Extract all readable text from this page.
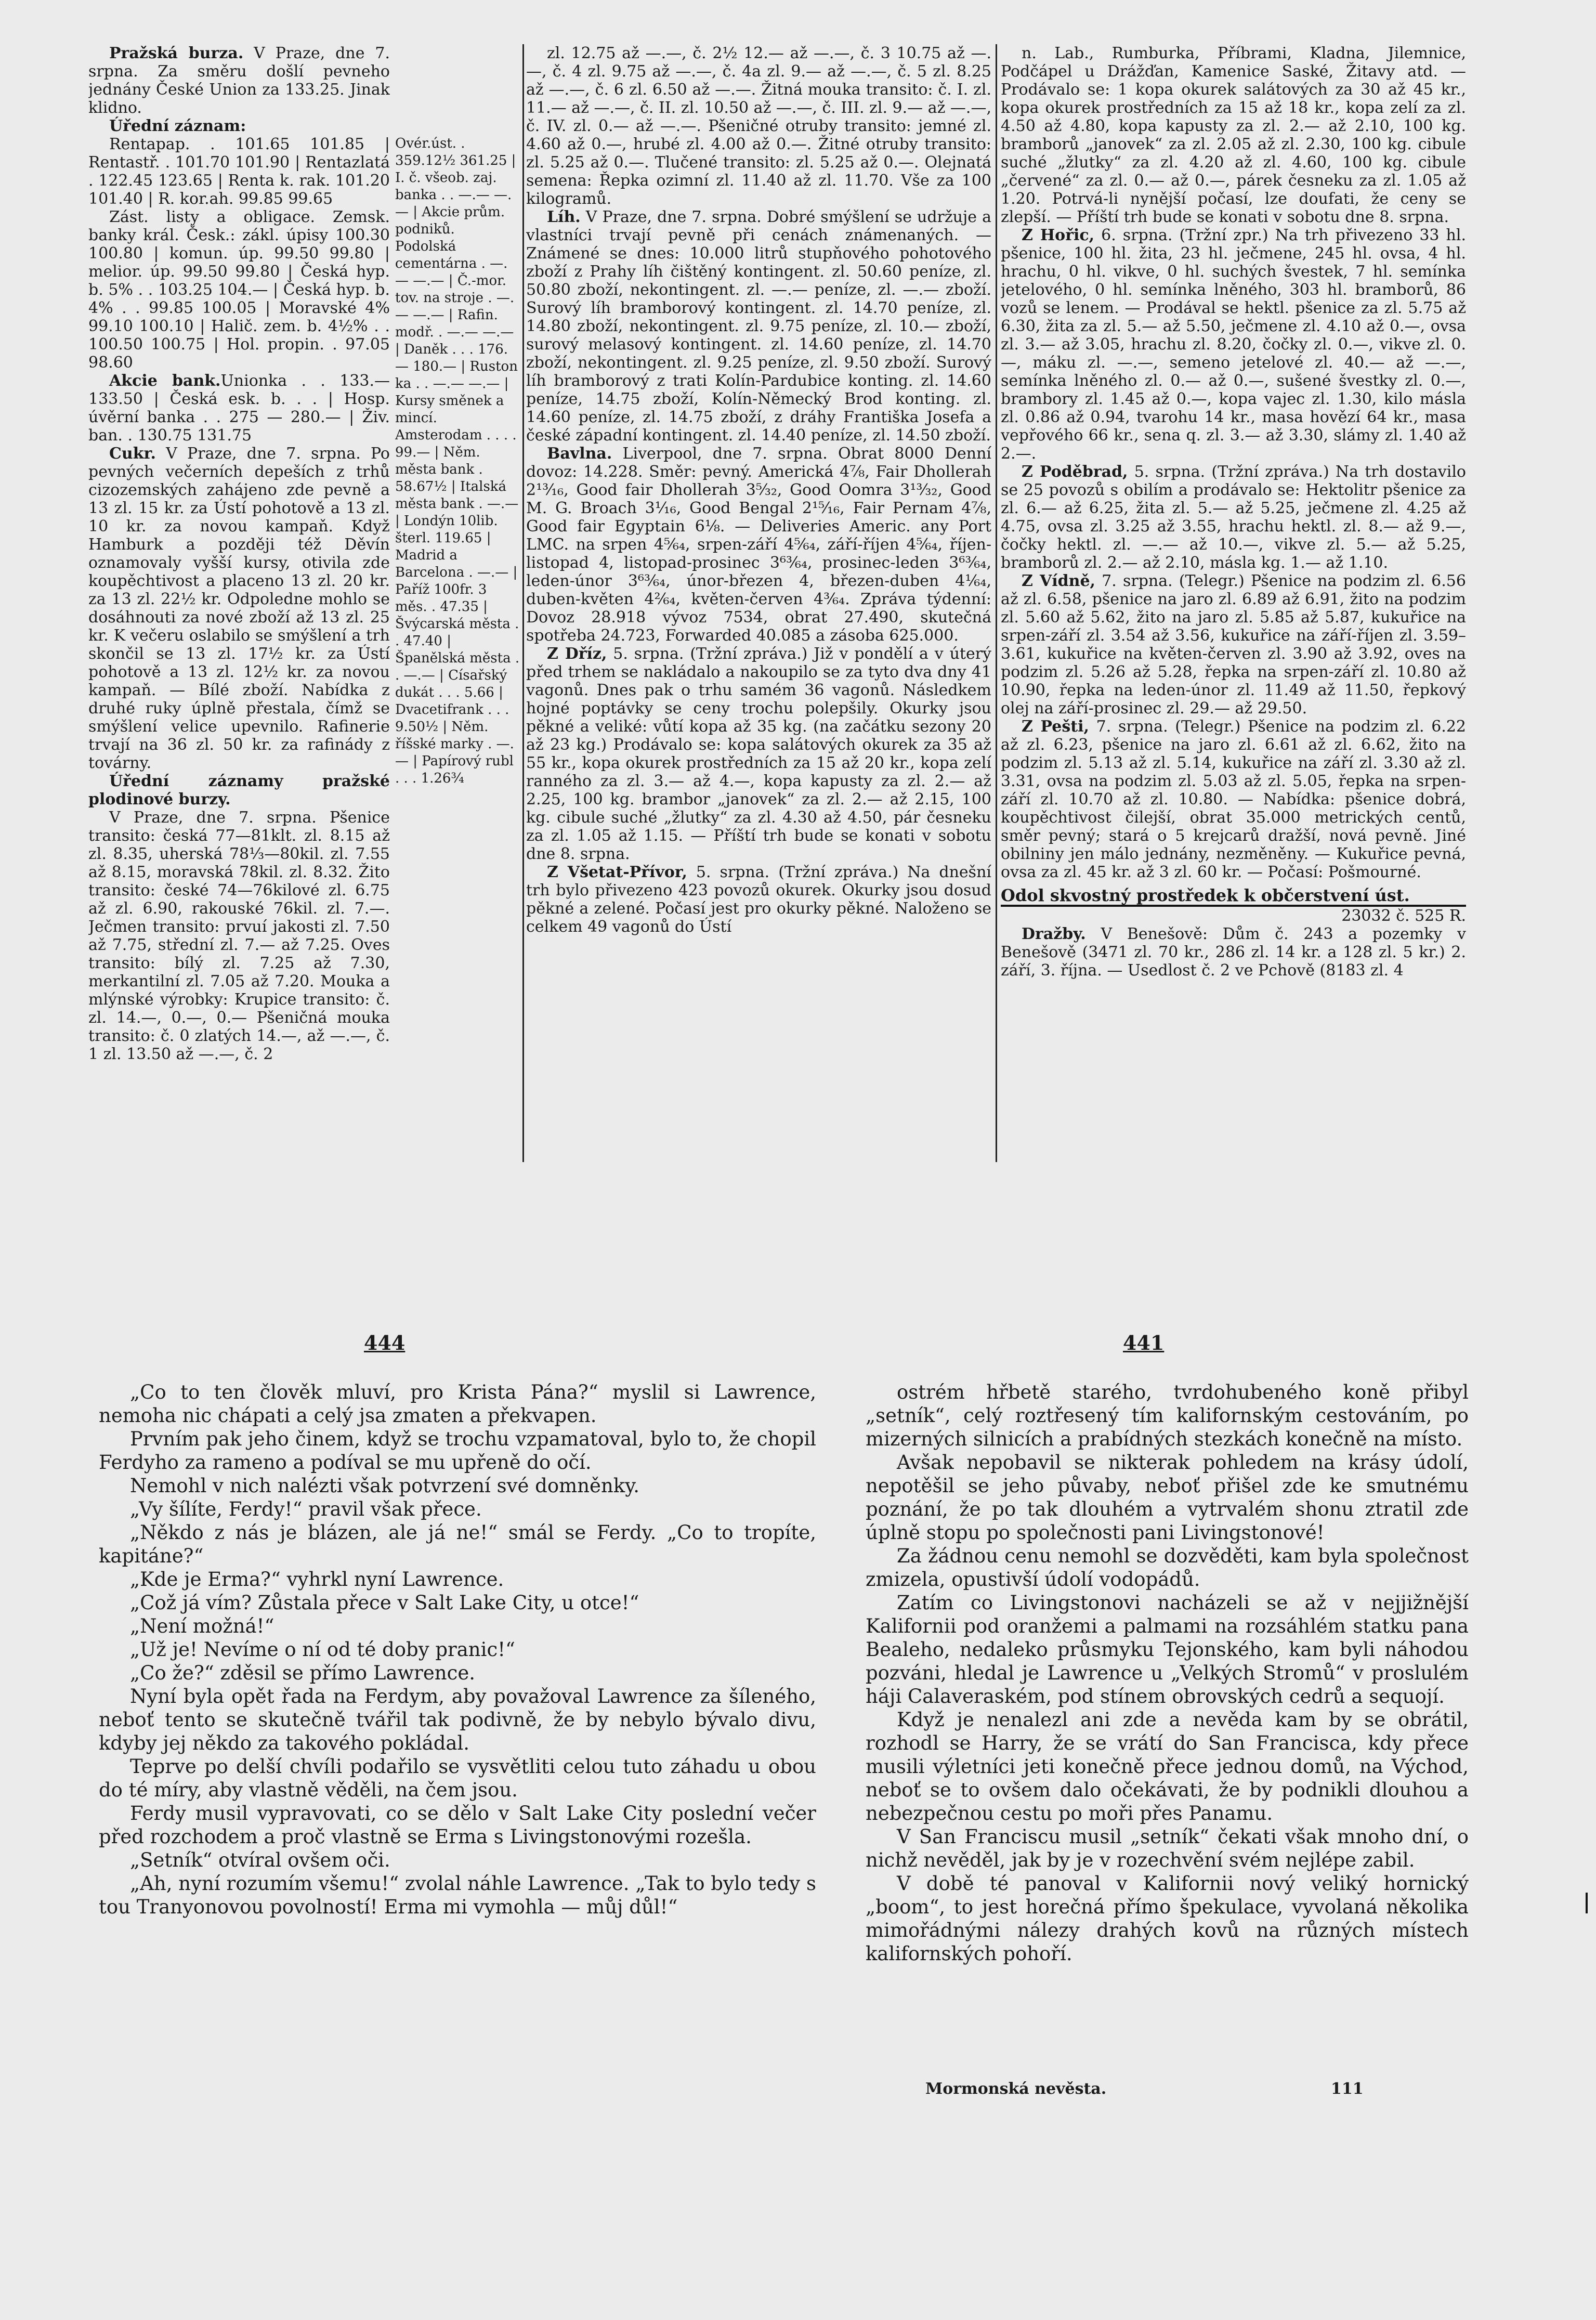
Pražská burza. V Praze, dne 7. srpna. Za směru došlí pevneho jednány České Union za 133.25. Jinak klidno.

Úřední záznam:

Rentapap. . 101.65 101.85 | Rentastř. . 101.70 101.90 | Rentazlatá . 122.45 123.65 | Renta k. rak. 101.20 101.40 | R. kor.ah. 99.85 99.65

Zást. listy a obligace. Zemsk. banky král. Česk.: zákl. úpisy 100.30 100.80 | komun. úp. 99.50 99.80 | melior. úp. 99.50 99.80 | Česká hyp. b. 5% . . 103.25 104.— | Česká hyp. b. 4% . . 99.85 100.05 | Moravské 4% 99.10 100.10 | Halič. zem. b. 4½% . . 100.50 100.75 | Hol. propin. . 97.05 98.60

Akcie bank.Unionka . . 133.— 133.50 | Česká esk. b. . . | Hosp. úvěrní banka . . 275 — 280.— | Živ. ban. . 130.75 131.75

Cukr. V Praze, dne 7. srpna. Po pevných večerních depeších z trhů cizozemských zahájeno zde pevně a 13 zl. 15 kr. za Ústí pohotově a 13 zl. 10 kr. za novou kampaň. Když Hamburk a později též Děvín oznamovaly vyšší kursy, otivila zde koupěchtivost a placeno 13 zl. 20 kr. za 13 zl. 22½ kr. Odpoledne mohlo se dosáhnouti za nové zboží až 13 zl. 25 kr. K večeru oslabilo se smýšlení a trh skončil se 13 zl. 17½ kr. za Ústí pohotově a 13 zl. 12½ kr. za novou kampaň. — Bílé zboží. Nabídka z druhé ruky úplně přestala, čímž se smýšlení velice upevnilo. Rafinerie trvají na 36 zl. 50 kr. za rafinády z továrny.

Úřední záznamy pražské plodinové burzy.

V Praze, dne 7. srpna. Pšenice transito: česká 77—81klt. zl. 8.15 až zl. 8.35, uherská 78⅓—80kil. zl. 7.55 až 8.15, moravská 78kil. zl. 8.32. Žito transito: české 74—76kilové zl. 6.75 až zl. 6.90, rakouské 76kil. zl. 7.—. Ječmen transito: prvuí jakosti zl. 7.50 až 7.75, střední zl. 7.— až 7.25. Oves transito: bílý zl. 7.25 až 7.30, merkantilní zl. 7.05 až 7.20. Mouka a mlýnské výrobky: Krupice transito: č. zl. 14.—, 0.—, 0.— Pšeničná mouka transito: č. 0 zlatých 14.—, až —.—, č. 1 zl. 13.50 až —.—, č. 2

Ovér.úst. . 359.12½ 361.25 | I. č. všeob. zaj. banka . . —.— —.— | Akcie prům. podniků. Podolská cementárna . —.— —.— | Č.-mor. tov. na stroje . —.— —.— | Rafin. modř. . —.— —.— | Daněk . . . 176.— 180.— | Ruston ka . . —.— —.— | Kursy směnek a mincí. Amsterodam . . . . 99.— | Něm. města bank . 58.67½ | Italská města bank . —.— | Londýn 10lib. šterl. 119.65 | Madrid a Barcelona . —.— | Paříž 100fr. 3 měs. . 47.35 | Švýcarská města . . 47.40 | Španělská města . . —.— | Císařský dukát . . . 5.66 | Dvacetifrank . . . 9.50½ | Něm. říšské marky . —.— | Papírový rubl . . . 1.26¾

zl. 12.75 až —.—, č. 2½ 12.— až —.—, č. 3 10.75 až —.—, č. 4 zl. 9.75 až —.—, č. 4a zl. 9.— až —.—, č. 5 zl. 8.25 až —.—, č. 6 zl. 6.50 až —.—. Žitná mouka transito: č. I. zl. 11.— až —.—, č. II. zl. 10.50 až —.—, č. III. zl. 9.— až —.—, č. IV. zl. 0.— až —.—. Pšeničné otruby transito: jemné zl. 4.60 až 0.—, hrubé zl. 4.00 až 0.—. Žitné otruby transito: zl. 5.25 až 0.—. Tlučené transito: zl. 5.25 až 0.—. Olejnatá semena: Řepka ozimní zl. 11.40 až zl. 11.70. Vše za 100 kilogramů.

Líh. V Praze, dne 7. srpna. Dobré smýšlení se udržuje a vlastníci trvají pevně při cenách známenaných. — Známené se dnes: 10.000 litrů stupňového pohotového zboží z Prahy líh čištěný kontingent. zl. 50.60 peníze, zl. 50.80 zboží, nekontingent. zl. —.— peníze, zl. —.— zboží. Surový líh bramborový kontingent. zl. 14.70 peníze, zl. 14.80 zboží, nekontingent. zl. 9.75 peníze, zl. 10.— zboží, surový melasový kontingent. zl. 14.60 peníze, zl. 14.70 zboží, nekontingent. zl. 9.25 peníze, zl. 9.50 zboží. Surový líh bramborový z trati Kolín-Pardubice konting. zl. 14.60 peníze, 14.75 zboží, Kolín-Německý Brod konting. zl. 14.60 peníze, zl. 14.75 zboží, z dráhy Františka Josefa a české západní kontingent. zl. 14.40 peníze, zl. 14.50 zboží.

Bavlna. Liverpool, dne 7. srpna. Obrat 8000 Denní dovoz: 14.228. Směr: pevný. Americká 4⅞, Fair Dhollerah 2¹³⁄₁₆, Good fair Dhollerah 3⁵⁄₃₂, Good Oomra 3¹³⁄₃₂, Good M. G. Broach 3¹⁄₁₆, Good Bengal 2¹⁵⁄₁₆, Fair Pernam 4⅞, Good fair Egyptain 6⅛. — Deliveries Americ. any Port LMC. na srpen 4⁵⁄₆₄, srpen-září 4⁵⁄₆₄, září-říjen 4⁵⁄₆₄, říjen-listopad 4, listopad-prosinec 3⁶³⁄₆₄, prosinec-leden 3⁶³⁄₆₄, leden-únor 3⁶³⁄₆₄, únor-březen 4, březen-duben 4¹⁄₆₄, duben-květen 4²⁄₆₄, květen-červen 4³⁄₆₄. Zpráva týdenní: Dovoz 28.918 vývoz 7534, obrat 27.490, skutečná spotřeba 24.723, Forwarded 40.085 a zásoba 625.000.

Z Dříz, 5. srpna. (Tržní zpráva.) Již v pondělí a v úterý před trhem se nakládalo a nakoupilo se za tyto dva dny 41 vagonů. Dnes pak o trhu samém 36 vagonů. Následkem hojné poptávky se ceny trochu polepšily. Okurky jsou pěkné a veliké: vůtí kopa až 35 kg. (na začátku sezony 20 až 23 kg.) Prodávalo se: kopa salátových okurek za 35 až 55 kr., kopa okurek prostředních za 15 až 20 kr., kopa zelí ranného za zl. 3.— až 4.—, kopa kapusty za zl. 2.— až 2.25, 100 kg. brambor „janovek“ za zl. 2.— až 2.15, 100 kg. cibule suché „žlutky“ za zl. 4.30 až 4.50, pár česneku za zl. 1.05 až 1.15. — Příští trh bude se konati v sobotu dne 8. srpna.

Z Všetat-Přívor, 5. srpna. (Tržní zpráva.) Na dnešní trh bylo přivezeno 423 povozů okurek. Okurky jsou dosud pěkné a zelené. Počasí jest pro okurky pěkné. Naloženo se celkem 49 vagonů do Ústí

n. Lab., Rumburka, Příbrami, Kladna, Jilemnice, Podčápel u Drážďan, Kamenice Saské, Žitavy atd. — Prodávalo se: 1 kopa okurek salátových za 30 až 45 kr., kopa okurek prostředních za 15 až 18 kr., kopa zelí za zl. 4.50 až 4.80, kopa kapusty za zl. 2.— až 2.10, 100 kg. bramborů „janovek“ za zl. 2.05 až zl. 2.30, 100 kg. cibule suché „žlutky“ za zl. 4.20 až zl. 4.60, 100 kg. cibule „červené“ za zl. 0.— až 0.—, párek česneku za zl. 1.05 až 1.20. Potrvá-li nynější počasí, lze doufati, že ceny se zlepší. — Příští trh bude se konati v sobotu dne 8. srpna.

Z Hořic, 6. srpna. (Tržní zpr.) Na trh přivezeno 33 hl. pšenice, 100 hl. žita, 23 hl. ječmene, 245 hl. ovsa, 4 hl. hrachu, 0 hl. vikve, 0 hl. suchých švestek, 7 hl. semínka jetelového, 0 hl. semínka lněného, 303 hl. bramborů, 86 vozů se lenem. — Prodával se hektl. pšenice za zl. 5.75 až 6.30, žita za zl. 5.— až 5.50, ječmene zl. 4.10 až 0.—, ovsa zl. 3.— až 3.05, hrachu zl. 8.20, čočky zl. 0.—, vikve zl. 0.—, máku zl. —.—, semeno jetelové zl. 40.— až —.—, semínka lněného zl. 0.— až 0.—, sušené švestky zl. 0.—, brambory zl. 1.45 až 0.—, kopa vajec zl. 1.30, kilo másla zl. 0.86 až 0.94, tvarohu 14 kr., masa hovězí 64 kr., masa vepřového 66 kr., sena q. zl. 3.— až 3.30, slámy zl. 1.40 až 2.—.

Z Poděbrad, 5. srpna. (Tržní zpráva.) Na trh dostavilo se 25 povozů s obilím a prodávalo se: Hektolitr pšenice za zl. 6.— až 6.25, žita zl. 5.— až 5.25, ječmene zl. 4.25 až 4.75, ovsa zl. 3.25 až 3.55, hrachu hektl. zl. 8.— až 9.—, čočky hektl. zl. —.— až 10.—, vikve zl. 5.— až 5.25, bramborů zl. 2.— až 2.10, másla kg. 1.— až 1.10.

Z Vídně, 7. srpna. (Telegr.) Pšenice na podzim zl. 6.56 až zl. 6.58, pšenice na jaro zl. 6.89 až 6.91, žito na podzim zl. 5.60 až 5.62, žito na jaro zl. 5.85 až 5.87, kukuřice na srpen-září zl. 3.54 až 3.56, kukuřice na září-říjen zl. 3.59–3.61, kukuřice na květen-červen zl. 3.90 až 3.92, oves na podzim zl. 5.26 až 5.28, řepka na srpen-září zl. 10.80 až 10.90, řepka na leden-únor zl. 11.49 až 11.50, řepkový olej na září-prosinec zl. 29.— až 29.50.

Z Pešti, 7. srpna. (Telegr.) Pšenice na podzim zl. 6.22 až zl. 6.23, pšenice na jaro zl. 6.61 až zl. 6.62, žito na podzim zl. 5.13 až zl. 5.14, kukuřice na září zl. 3.30 až zl. 3.31, ovsa na podzim zl. 5.03 až zl. 5.05, řepka na srpen-září zl. 10.70 až zl. 10.80. — Nabídka: pšenice dobrá, koupěchtivost čilejší, obrat 35.000 metrických centů, směr pevný; stará o 5 krejcarů dražší, nová pevně. Jiné obilniny jen málo jednány, nezměněny. — Kukuřice pevná, ovsa za zl. 45 kr. až 3 zl. 60 kr. — Počasí: Pošmourné.

Odol skvostný prostředek k občerstvení úst.

23032 č. 525 R.

Dražby. V Benešově: Dům č. 243 a pozemky v Benešově (3471 zl. 70 kr., 286 zl. 14 kr. a 128 zl. 5 kr.) 2. září, 3. října. — Usedlost č. 2 ve Pchově (8183 zl. 4

444	441

„Co to ten člověk mluví, pro Krista Pána?“ myslil si Lawrence, nemoha nic chápati a celý jsa zmaten a překvapen.

Prvním pak jeho činem, když se trochu vzpamatoval, bylo to, že chopil Ferdyho za rameno a podíval se mu upřeně do očí.

Nemohl v nich nalézti však potvrzení své domněnky.

„Vy šílíte, Ferdy!“ pravil však přece.

„Někdo z nás je blázen, ale já ne!“ smál se Ferdy. „Co to tropíte, kapitáne?“

„Kde je Erma?“ vyhrkl nyní Lawrence.

„Což já vím? Zůstala přece v Salt Lake City, u otce!“

„Není možná!“

„Už je! Nevíme o ní od té doby pranic!“

„Co že?“ zděsil se přímo Lawrence.

Nyní byla opět řada na Ferdym, aby považoval Lawrence za šíleného, neboť tento se skutečně tvářil tak podivně, že by nebylo bývalo divu, kdyby jej někdo za takového pokládal.

Teprve po delší chvíli podařilo se vysvětliti celou tuto záhadu u obou do té míry, aby vlastně věděli, na čem jsou.

Ferdy musil vypravovati, co se dělo v Salt Lake City poslední večer před rozchodem a proč vlastně se Erma s Livingstonovými rozešla.

„Setník“ otvíral ovšem oči.

„Ah, nyní rozumím všemu!“ zvolal náhle Lawrence. „Tak to bylo tedy s tou Tranyonovou povolností! Erma mi vymohla — můj důl!“

ostrém hřbetě starého, tvrdohubeného koně přibyl „setník“, celý roztřesený tím kalifornským cestováním, po mizerných silnicích a prabídných stezkách konečně na místo.

Avšak nepobavil se nikterak pohledem na krásy údolí, nepotěšil se jeho půvaby, neboť přišel zde ke smutnému poznání, že po tak dlouhém a vytrvalém shonu ztratil zde úplně stopu po společnosti pani Livingstonové!

Za žádnou cenu nemohl se dozvěděti, kam byla společnost zmizela, opustivší údolí vodopádů.

Zatím co Livingstonovi nacházeli se až v nejjižnější Kalifornii pod oranžemi a palmami na rozsáhlém statku pana Bealeho, nedaleko průsmyku Tejonského, kam byli náhodou pozváni, hledal je Lawrence u „Velkých Stromů“ v proslulém háji Calaveraském, pod stínem obrovských cedrů a sequojí.

Když je nenalezl ani zde a nevěda kam by se obrátil, rozhodl se Harry, že se vrátí do San Francisca, kdy přece musili výletníci jeti konečně přece jednou domů, na Východ, neboť se to ovšem dalo očekávati, že by podnikli dlouhou a nebezpečnou cestu po moři přes Panamu.

V San Franciscu musil „setník“ čekati však mnoho dní, o nichž nevěděl, jak by je v rozechvění svém nejlépe zabil.

V době té panoval v Kalifornii nový veliký hornický „boom“, to jest horečná přímo špekulace, vyvolaná několika mimořádnými nálezy drahých kovů na různých místech kalifornských pohoří.

Mormonská nevěsta.	111
